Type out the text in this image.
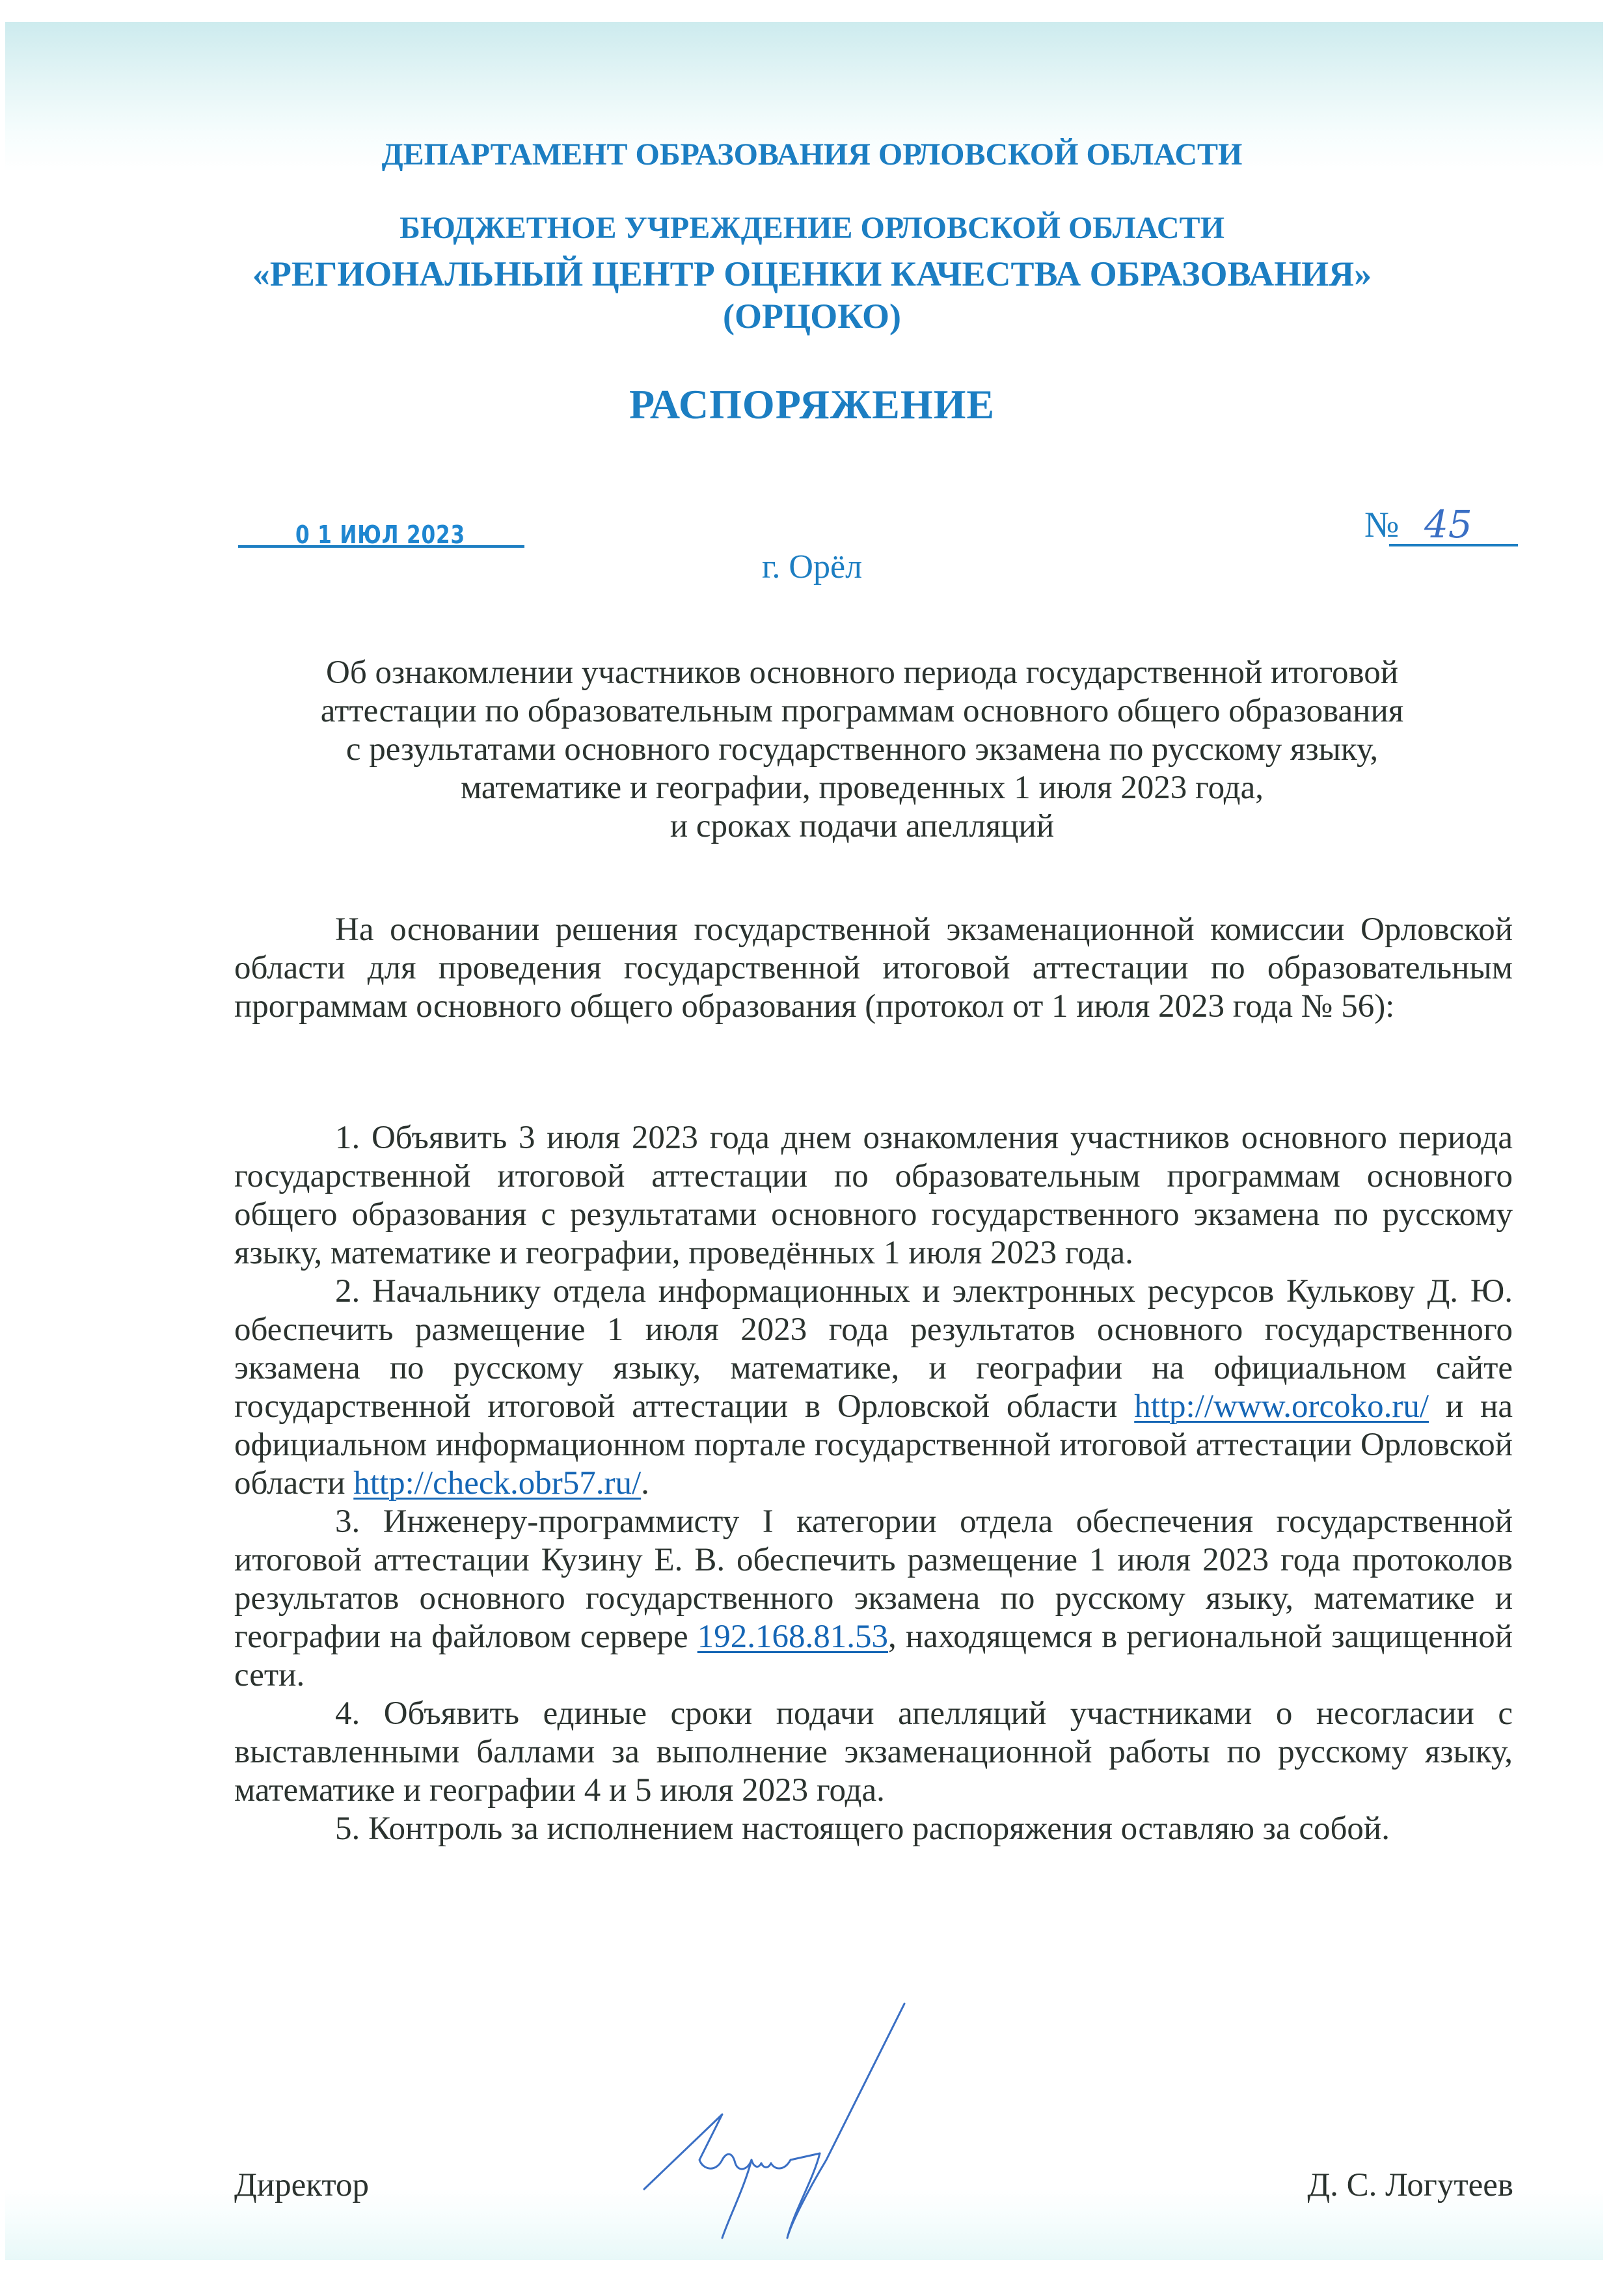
ДЕПАРТАМЕНТ ОБРАЗОВАНИЯ ОРЛОВСКОЙ ОБЛАСТИ
БЮДЖЕТНОЕ УЧРЕЖДЕНИЕ ОРЛОВСКОЙ ОБЛАСТИ
«РЕГИОНАЛЬНЫЙ ЦЕНТР ОЦЕНКИ КАЧЕСТВА ОБРАЗОВАНИЯ»
(ОРЦОКО)
РАСПОРЯЖЕНИЕ
0 1 ИЮЛ 2023	№ 45
г. Орёл
Об ознакомлении участников основного периода государственной итоговой
аттестации по образовательным программам основного общего образования
с результатами основного государственного экзамена по русскому языку,
математике и географии, проведенных 1 июля 2023 года,
и сроках подачи апелляций

На основании решения государственной экзаменационной комиссии Орловской области для проведения государственной итоговой аттестации по образовательным программам основного общего образования (протокол от 1 июля 2023 года № 56):

1. Объявить 3 июля 2023 года днем ознакомления участников основного периода государственной итоговой аттестации по образовательным программам основного общего образования с результатами основного государственного экзамена по русскому языку, математике и географии, проведённых 1 июля 2023 года.

2. Начальнику отдела информационных и электронных ресурсов Кулькову Д. Ю. обеспечить размещение 1 июля 2023 года результатов основного государственного экзамена по русскому языку, математике, и географии на официальном сайте государственной итоговой аттестации в Орловской области http://www.orcoko.ru/ и на официальном информационном портале государственной итоговой аттестации Орловской области http://check.obr57.ru/.

3. Инженеру-программисту I категории отдела обеспечения государственной итоговой аттестации Кузину Е. В. обеспечить размещение 1 июля 2023 года протоколов результатов основного государственного экзамена по русскому языку, математике и географии на файловом сервере 192.168.81.53, находящемся в региональной защищенной сети.

4. Объявить единые сроки подачи апелляций участниками о несогласии с выставленными баллами за выполнение экзаменационной работы по русскому языку, математике и географии 4 и 5 июля 2023 года.

5. Контроль за исполнением настоящего распоряжения оставляю за собой.

Директор	Д. С. Логутеев
